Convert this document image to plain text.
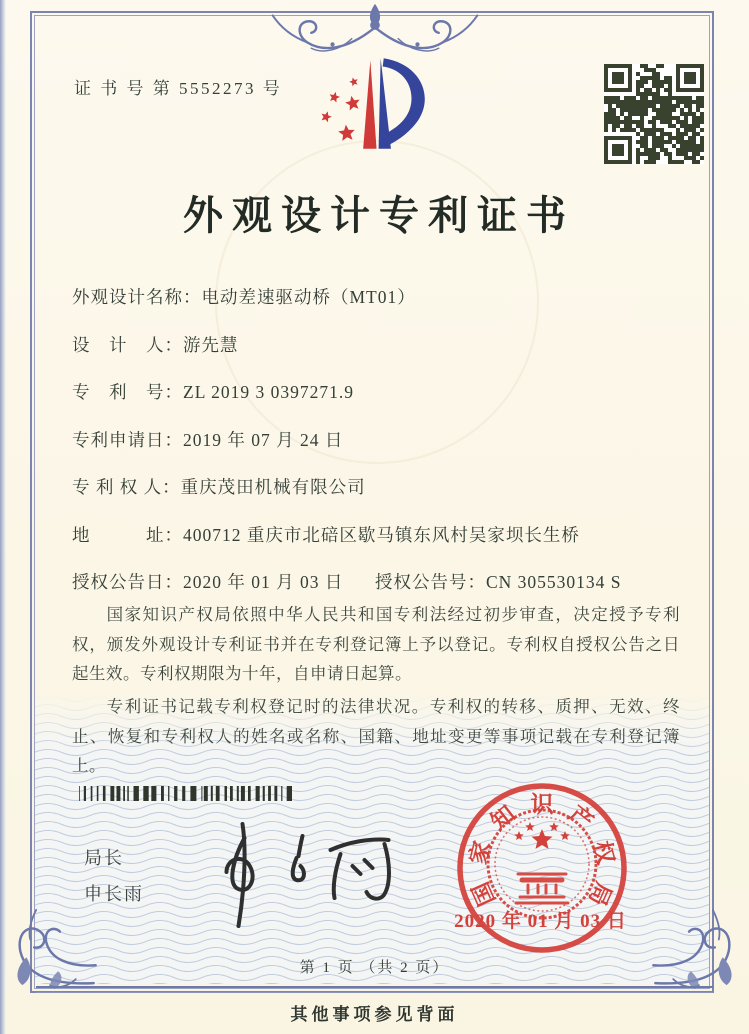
证 书 号 第 5552273 号
外观设计专利证书
外观设计名称：电动差速驱动桥（MT01）
设　计　人：游先慧
专　利　号：ZL 2019 3 0397271.9
专利申请日：2019 年 07 月 24 日
专 利 权 人：重庆茂田机械有限公司
地　　　址：400712 重庆市北碚区歇马镇东风村吴家坝长生桥
授权公告日：2020 年 01 月 03 日 授权公告号：CN 305530134 S

国家知识产权局依照中华人民共和国专利法经过初步审查，决定授予专利权，颁发外观设计专利证书并在专利登记簿上予以登记。专利权自授权公告之日起生效。专利权期限为十年，自申请日起算。

专利证书记载专利权登记时的法律状况。专利权的转移、质押、无效、终止、恢复和专利权人的姓名或名称、国籍、地址变更等事项记载在专利登记簿上。

局长
申长雨	国
家
知 识 产
权
局
2020 年 01 月 03 日
第 1 页 （共 2 页）
其他事项参见背面
